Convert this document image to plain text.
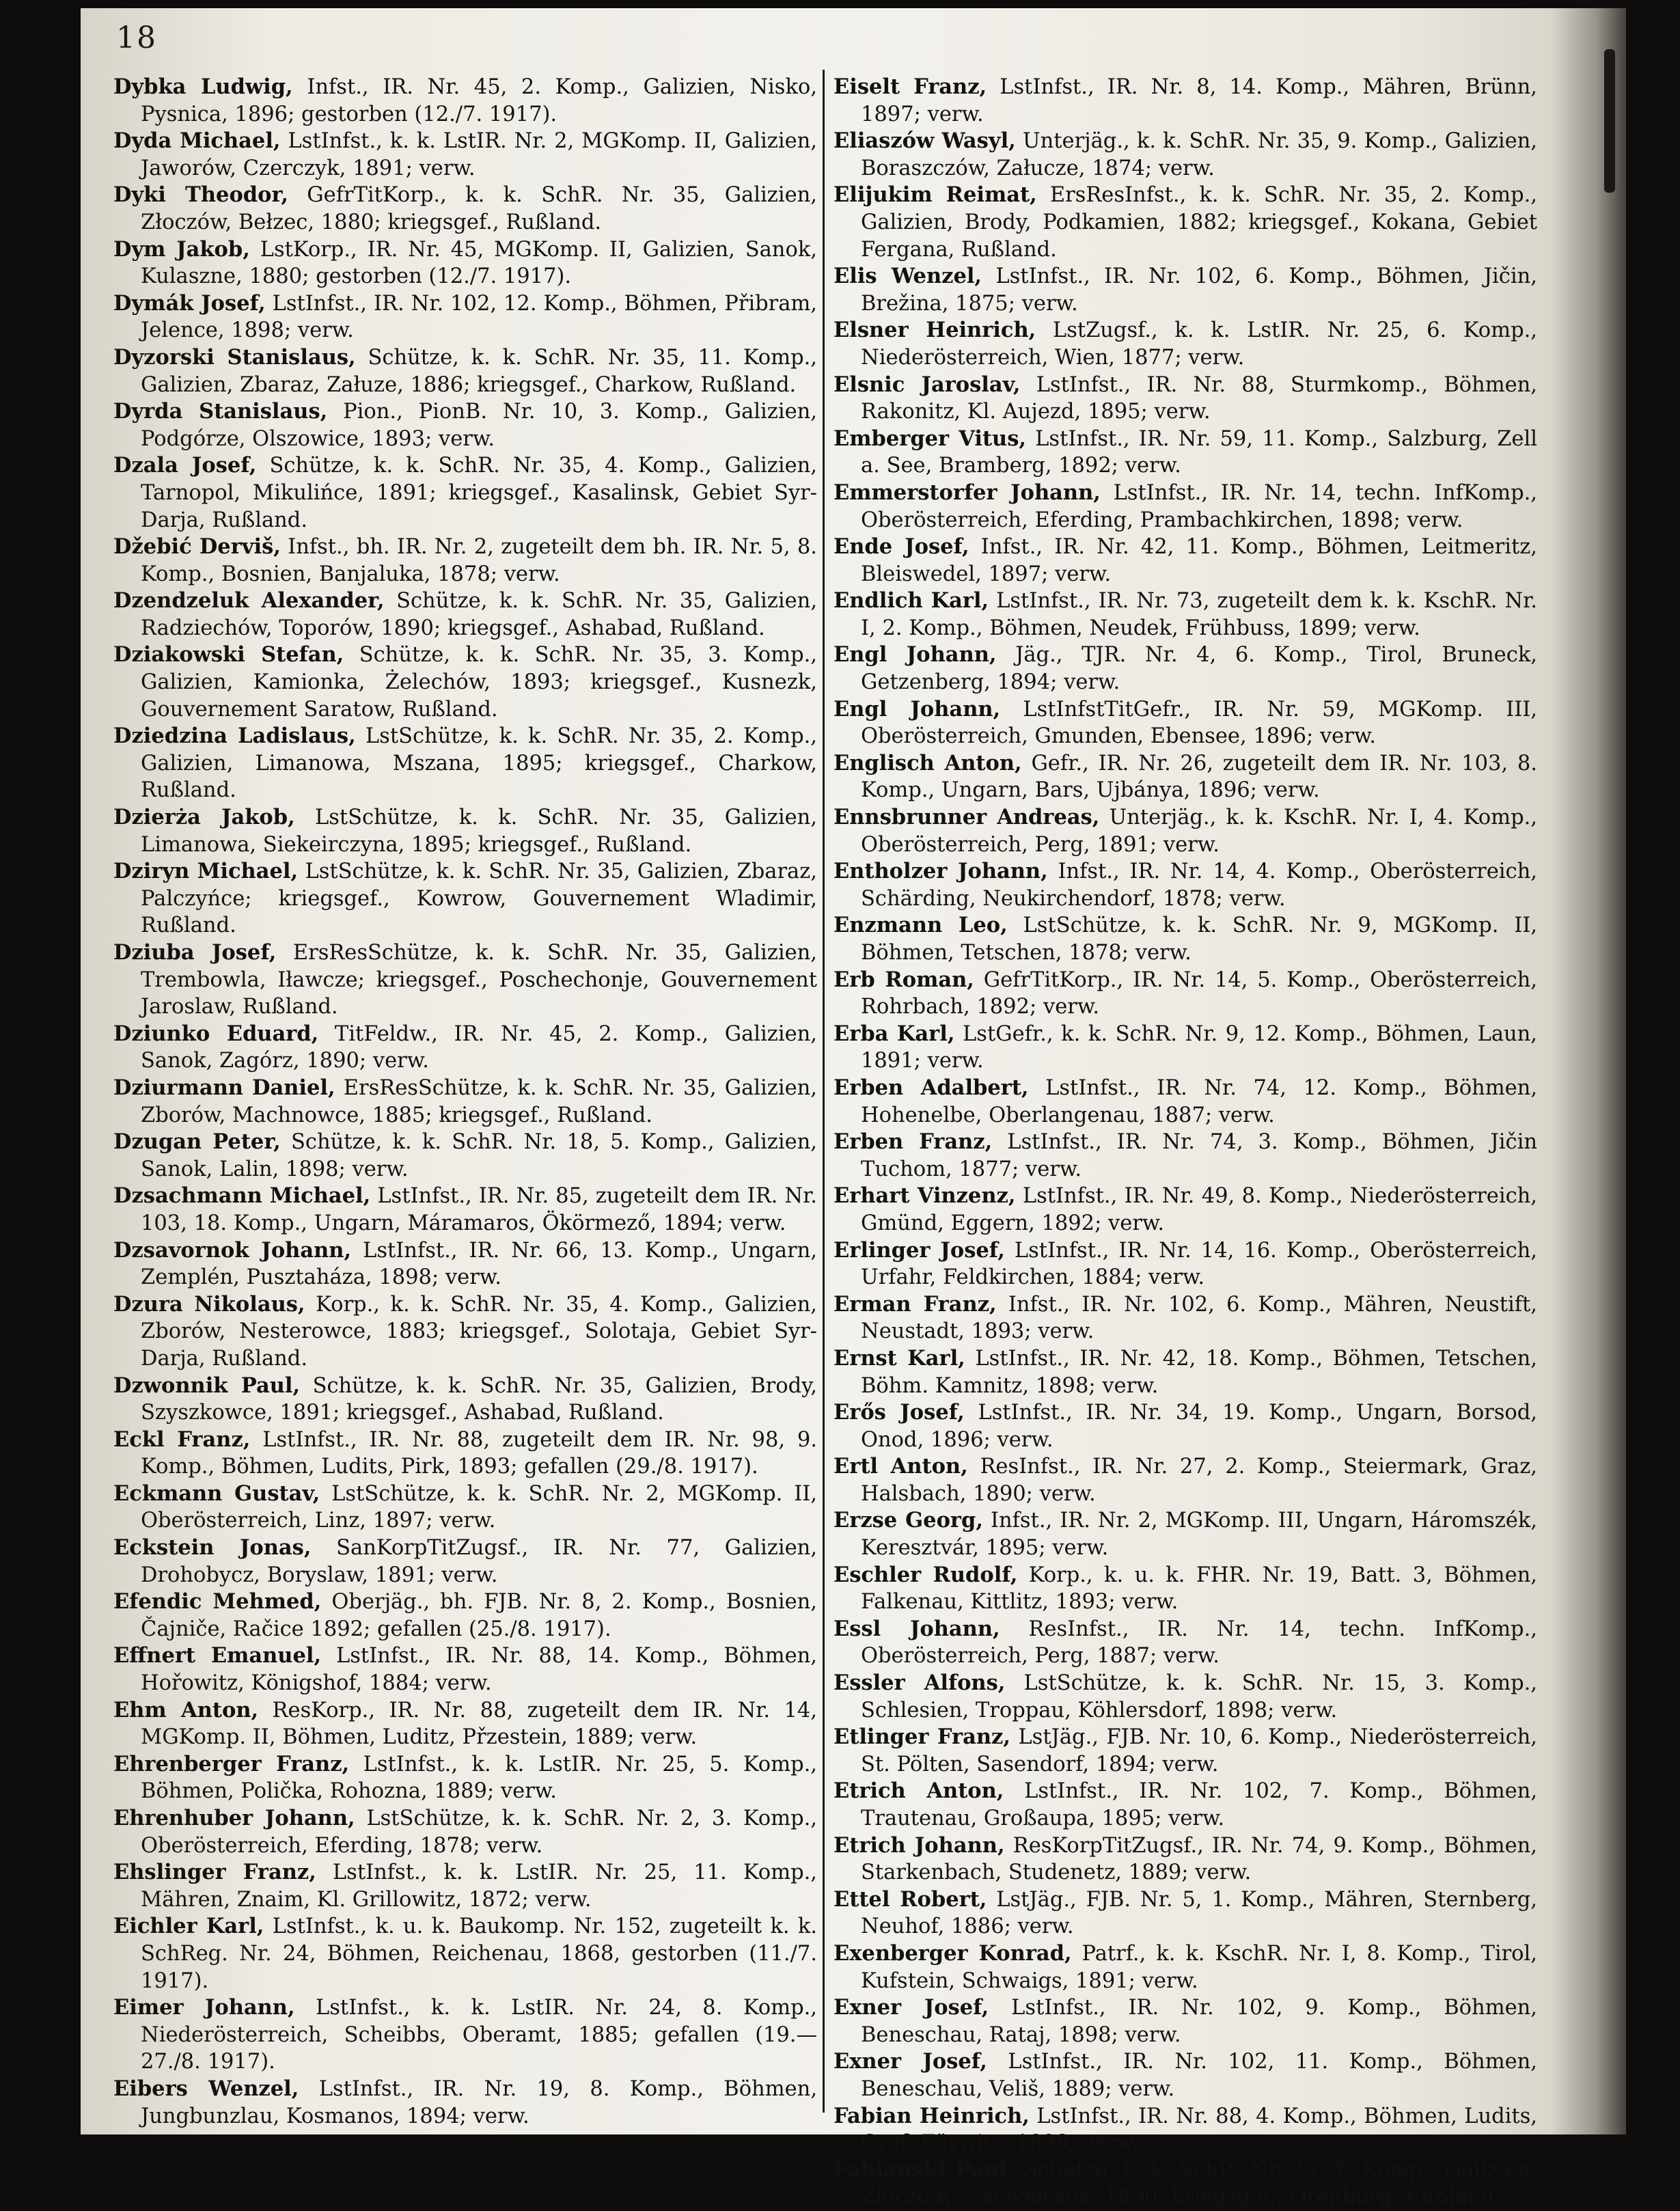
18

Dybka Ludwig, Infst., IR. Nr. 45, 2. Komp., Galizien, Nisko, Pysnica, 1896; gestorben (12./7. 1917).

Dyda Michael, LstInfst., k. k. LstIR. Nr. 2, MGKomp. II, Galizien, Jaworów, Czerczyk, 1891; verw.

Dyki Theodor, GefrTitKorp., k. k. SchR. Nr. 35, Galizien, Złoczów, Bełzec, 1880; kriegsgef., Rußland.

Dym Jakob, LstKorp., IR. Nr. 45, MGKomp. II, Galizien, Sanok, Kulaszne, 1880; gestorben (12./7. 1917).

Dymák Josef, LstInfst., IR. Nr. 102, 12. Komp., Böhmen, Přibram, Jelence, 1898; verw.

Dyzorski Stanislaus, Schütze, k. k. SchR. Nr. 35, 11. Komp., Galizien, Zbaraz, Załuze, 1886; kriegsgef., Charkow, Rußland.

Dyrda Stanislaus, Pion., PionB. Nr. 10, 3. Komp., Galizien, Podgórze, Olszowice, 1893; verw.

Dzala Josef, Schütze, k. k. SchR. Nr. 35, 4. Komp., Galizien, Tarnopol, Mikulińce, 1891; kriegsgef., Kasalinsk, Gebiet Syr-Darja, Rußland.

Džebić Derviš, Infst., bh. IR. Nr. 2, zugeteilt dem bh. IR. Nr. 5, 8. Komp., Bosnien, Banjaluka, 1878; verw.

Dzendzeluk Alexander, Schütze, k. k. SchR. Nr. 35, Galizien, Radziechów, Toporów, 1890; kriegsgef., Ashabad, Rußland.

Dziakowski Stefan, Schütze, k. k. SchR. Nr. 35, 3. Komp., Galizien, Kamionka, Żelechów, 1893; kriegsgef., Kusnezk, Gouvernement Saratow, Rußland.

Dziedzina Ladislaus, LstSchütze, k. k. SchR. Nr. 35, 2. Komp., Galizien, Limanowa, Mszana, 1895; kriegsgef., Charkow, Rußland.

Dzierża Jakob, LstSchütze, k. k. SchR. Nr. 35, Galizien, Limanowa, Siekeirczyna, 1895; kriegsgef., Rußland.

Dziryn Michael, LstSchütze, k. k. SchR. Nr. 35, Galizien, Zbaraz, Palczyńce; kriegsgef., Kowrow, Gouvernement Wladimir, Rußland.

Dziuba Josef, ErsResSchütze, k. k. SchR. Nr. 35, Galizien, Trembowla, Iławcze; kriegsgef., Poschechonje, Gouvernement Jaroslaw, Rußland.

Dziunko Eduard, TitFeldw., IR. Nr. 45, 2. Komp., Galizien, Sanok, Zagórz, 1890; verw.

Dziurmann Daniel, ErsResSchütze, k. k. SchR. Nr. 35, Galizien, Zborów, Machnowce, 1885; kriegsgef., Rußland.

Dzugan Peter, Schütze, k. k. SchR. Nr. 18, 5. Komp., Galizien, Sanok, Lalin, 1898; verw.

Dzsachmann Michael, LstInfst., IR. Nr. 85, zugeteilt dem IR. Nr. 103, 18. Komp., Ungarn, Máramaros, Ökörmező, 1894; verw.

Dzsavornok Johann, LstInfst., IR. Nr. 66, 13. Komp., Ungarn, Zemplén, Pusztaháza, 1898; verw.

Dzura Nikolaus, Korp., k. k. SchR. Nr. 35, 4. Komp., Galizien, Zborów, Nesterowce, 1883; kriegsgef., Solotaja, Gebiet Syr-Darja, Rußland.

Dzwonnik Paul, Schütze, k. k. SchR. Nr. 35, Galizien, Brody, Szyszkowce, 1891; kriegsgef., Ashabad, Rußland.

Eckl Franz, LstInfst., IR. Nr. 88, zugeteilt dem IR. Nr. 98, 9. Komp., Böhmen, Ludits, Pirk, 1893; gefallen (29./8. 1917).

Eckmann Gustav, LstSchütze, k. k. SchR. Nr. 2, MGKomp. II, Oberösterreich, Linz, 1897; verw.

Eckstein Jonas, SanKorpTitZugsf., IR. Nr. 77, Galizien, Drohobycz, Boryslaw, 1891; verw.

Efendic Mehmed, Oberjäg., bh. FJB. Nr. 8, 2. Komp., Bosnien, Čajniče, Račice 1892; gefallen (25./8. 1917).

Effnert Emanuel, LstInfst., IR. Nr. 88, 14. Komp., Böhmen, Hořowitz, Königshof, 1884; verw.

Ehm Anton, ResKorp., IR. Nr. 88, zugeteilt dem IR. Nr. 14, MGKomp. II, Böhmen, Luditz, Přzestein, 1889; verw.

Ehrenberger Franz, LstInfst., k. k. LstIR. Nr. 25, 5. Komp., Böhmen, Polička, Rohozna, 1889; verw.

Ehrenhuber Johann, LstSchütze, k. k. SchR. Nr. 2, 3. Komp., Oberösterreich, Eferding, 1878; verw.

Ehslinger Franz, LstInfst., k. k. LstIR. Nr. 25, 11. Komp., Mähren, Znaim, Kl. Grillowitz, 1872; verw.

Eichler Karl, LstInfst., k. u. k. Baukomp. Nr. 152, zugeteilt k. k. SchReg. Nr. 24, Böhmen, Reichenau, 1868, gestorben (11./7. 1917).

Eimer Johann, LstInfst., k. k. LstIR. Nr. 24, 8. Komp., Niederösterreich, Scheibbs, Oberamt, 1885; gefallen (19.—27./8. 1917).

Eibers Wenzel, LstInfst., IR. Nr. 19, 8. Komp., Böhmen, Jungbunzlau, Kosmanos, 1894; verw.

Eiselt Franz, LstInfst., IR. Nr. 8, 14. Komp., Mähren, Brünn, 1897; verw.

Eliaszów Wasyl, Unterjäg., k. k. SchR. Nr. 35, 9. Komp., Galizien, Boraszczów, Załucze, 1874; verw.

Elijukim Reimat, ErsResInfst., k. k. SchR. Nr. 35, 2. Komp., Galizien, Brody, Podkamien, 1882; kriegsgef., Kokana, Gebiet Fergana, Rußland.

Elis Wenzel, LstInfst., IR. Nr. 102, 6. Komp., Böhmen, Jičin, Brežina, 1875; verw.

Elsner Heinrich, LstZugsf., k. k. LstIR. Nr. 25, 6. Komp., Niederösterreich, Wien, 1877; verw.

Elsnic Jaroslav, LstInfst., IR. Nr. 88, Sturmkomp., Böhmen, Rakonitz, Kl. Aujezd, 1895; verw.

Emberger Vitus, LstInfst., IR. Nr. 59, 11. Komp., Salzburg, Zell a. See, Bramberg, 1892; verw.

Emmerstorfer Johann, LstInfst., IR. Nr. 14, techn. InfKomp., Oberösterreich, Eferding, Prambachkirchen, 1898; verw.

Ende Josef, Infst., IR. Nr. 42, 11. Komp., Böhmen, Leitmeritz, Bleiswedel, 1897; verw.

Endlich Karl, LstInfst., IR. Nr. 73, zugeteilt dem k. k. KschR. Nr. I, 2. Komp., Böhmen, Neudek, Frühbuss, 1899; verw.

Engl Johann, Jäg., TJR. Nr. 4, 6. Komp., Tirol, Bruneck, Getzenberg, 1894; verw.

Engl Johann, LstInfstTitGefr., IR. Nr. 59, MGKomp. III, Oberösterreich, Gmunden, Ebensee, 1896; verw.

Englisch Anton, Gefr., IR. Nr. 26, zugeteilt dem IR. Nr. 103, 8. Komp., Ungarn, Bars, Ujbánya, 1896; verw.

Ennsbrunner Andreas, Unterjäg., k. k. KschR. Nr. I, 4. Komp., Oberösterreich, Perg, 1891; verw.

Entholzer Johann, Infst., IR. Nr. 14, 4. Komp., Oberösterreich, Schärding, Neukirchendorf, 1878; verw.

Enzmann Leo, LstSchütze, k. k. SchR. Nr. 9, MGKomp. II, Böhmen, Tetschen, 1878; verw.

Erb Roman, GefrTitKorp., IR. Nr. 14, 5. Komp., Oberösterreich, Rohrbach, 1892; verw.

Erba Karl, LstGefr., k. k. SchR. Nr. 9, 12. Komp., Böhmen, Laun, 1891; verw.

Erben Adalbert, LstInfst., IR. Nr. 74, 12. Komp., Böhmen, Hohenelbe, Oberlangenau, 1887; verw.

Erben Franz, LstInfst., IR. Nr. 74, 3. Komp., Böhmen, Jičin Tuchom, 1877; verw.

Erhart Vinzenz, LstInfst., IR. Nr. 49, 8. Komp., Niederösterreich, Gmünd, Eggern, 1892; verw.

Erlinger Josef, LstInfst., IR. Nr. 14, 16. Komp., Oberösterreich, Urfahr, Feldkirchen, 1884; verw.

Erman Franz, Infst., IR. Nr. 102, 6. Komp., Mähren, Neustift, Neustadt, 1893; verw.

Ernst Karl, LstInfst., IR. Nr. 42, 18. Komp., Böhmen, Tetschen, Böhm. Kamnitz, 1898; verw.

Erős Josef, LstInfst., IR. Nr. 34, 19. Komp., Ungarn, Borsod, Onod, 1896; verw.

Ertl Anton, ResInfst., IR. Nr. 27, 2. Komp., Steiermark, Graz, Halsbach, 1890; verw.

Erzse Georg, Infst., IR. Nr. 2, MGKomp. III, Ungarn, Háromszék, Keresztvár, 1895; verw.

Eschler Rudolf, Korp., k. u. k. FHR. Nr. 19, Batt. 3, Böhmen, Falkenau, Kittlitz, 1893; verw.

Essl Johann, ResInfst., IR. Nr. 14, techn. InfKomp., Oberösterreich, Perg, 1887; verw.

Essler Alfons, LstSchütze, k. k. SchR. Nr. 15, 3. Komp., Schlesien, Troppau, Köhlersdorf, 1898; verw.

Etlinger Franz, LstJäg., FJB. Nr. 10, 6. Komp., Niederösterreich, St. Pölten, Sasendorf, 1894; verw.

Etrich Anton, LstInfst., IR. Nr. 102, 7. Komp., Böhmen, Trautenau, Großaupa, 1895; verw.

Etrich Johann, ResKorpTitZugsf., IR. Nr. 74, 9. Komp., Böhmen, Starkenbach, Studenetz, 1889; verw.

Ettel Robert, LstJäg., FJB. Nr. 5, 1. Komp., Mähren, Sternberg, Neuhof, 1886; verw.

Exenberger Konrad, Patrf., k. k. KschR. Nr. I, 8. Komp., Tirol, Kufstein, Schwaigs, 1891; verw.

Exner Josef, LstInfst., IR. Nr. 102, 9. Komp., Böhmen, Beneschau, Rataj, 1898; verw.

Exner Josef, LstInfst., IR. Nr. 102, 11. Komp., Böhmen, Beneschau, Veliš, 1889; verw.

Fabian Heinrich, LstInfst., IR. Nr. 88, 4. Komp., Böhmen, Ludits, Groß-Fürwitz, 1898; verw.

Fabianski Paul, Schütze, k. k. SchR. Nr. 35, 7. Komp., Galizien, Złoczów, Przewłoczna, 1890; kriegsgef., Orenburg, Rußland.
